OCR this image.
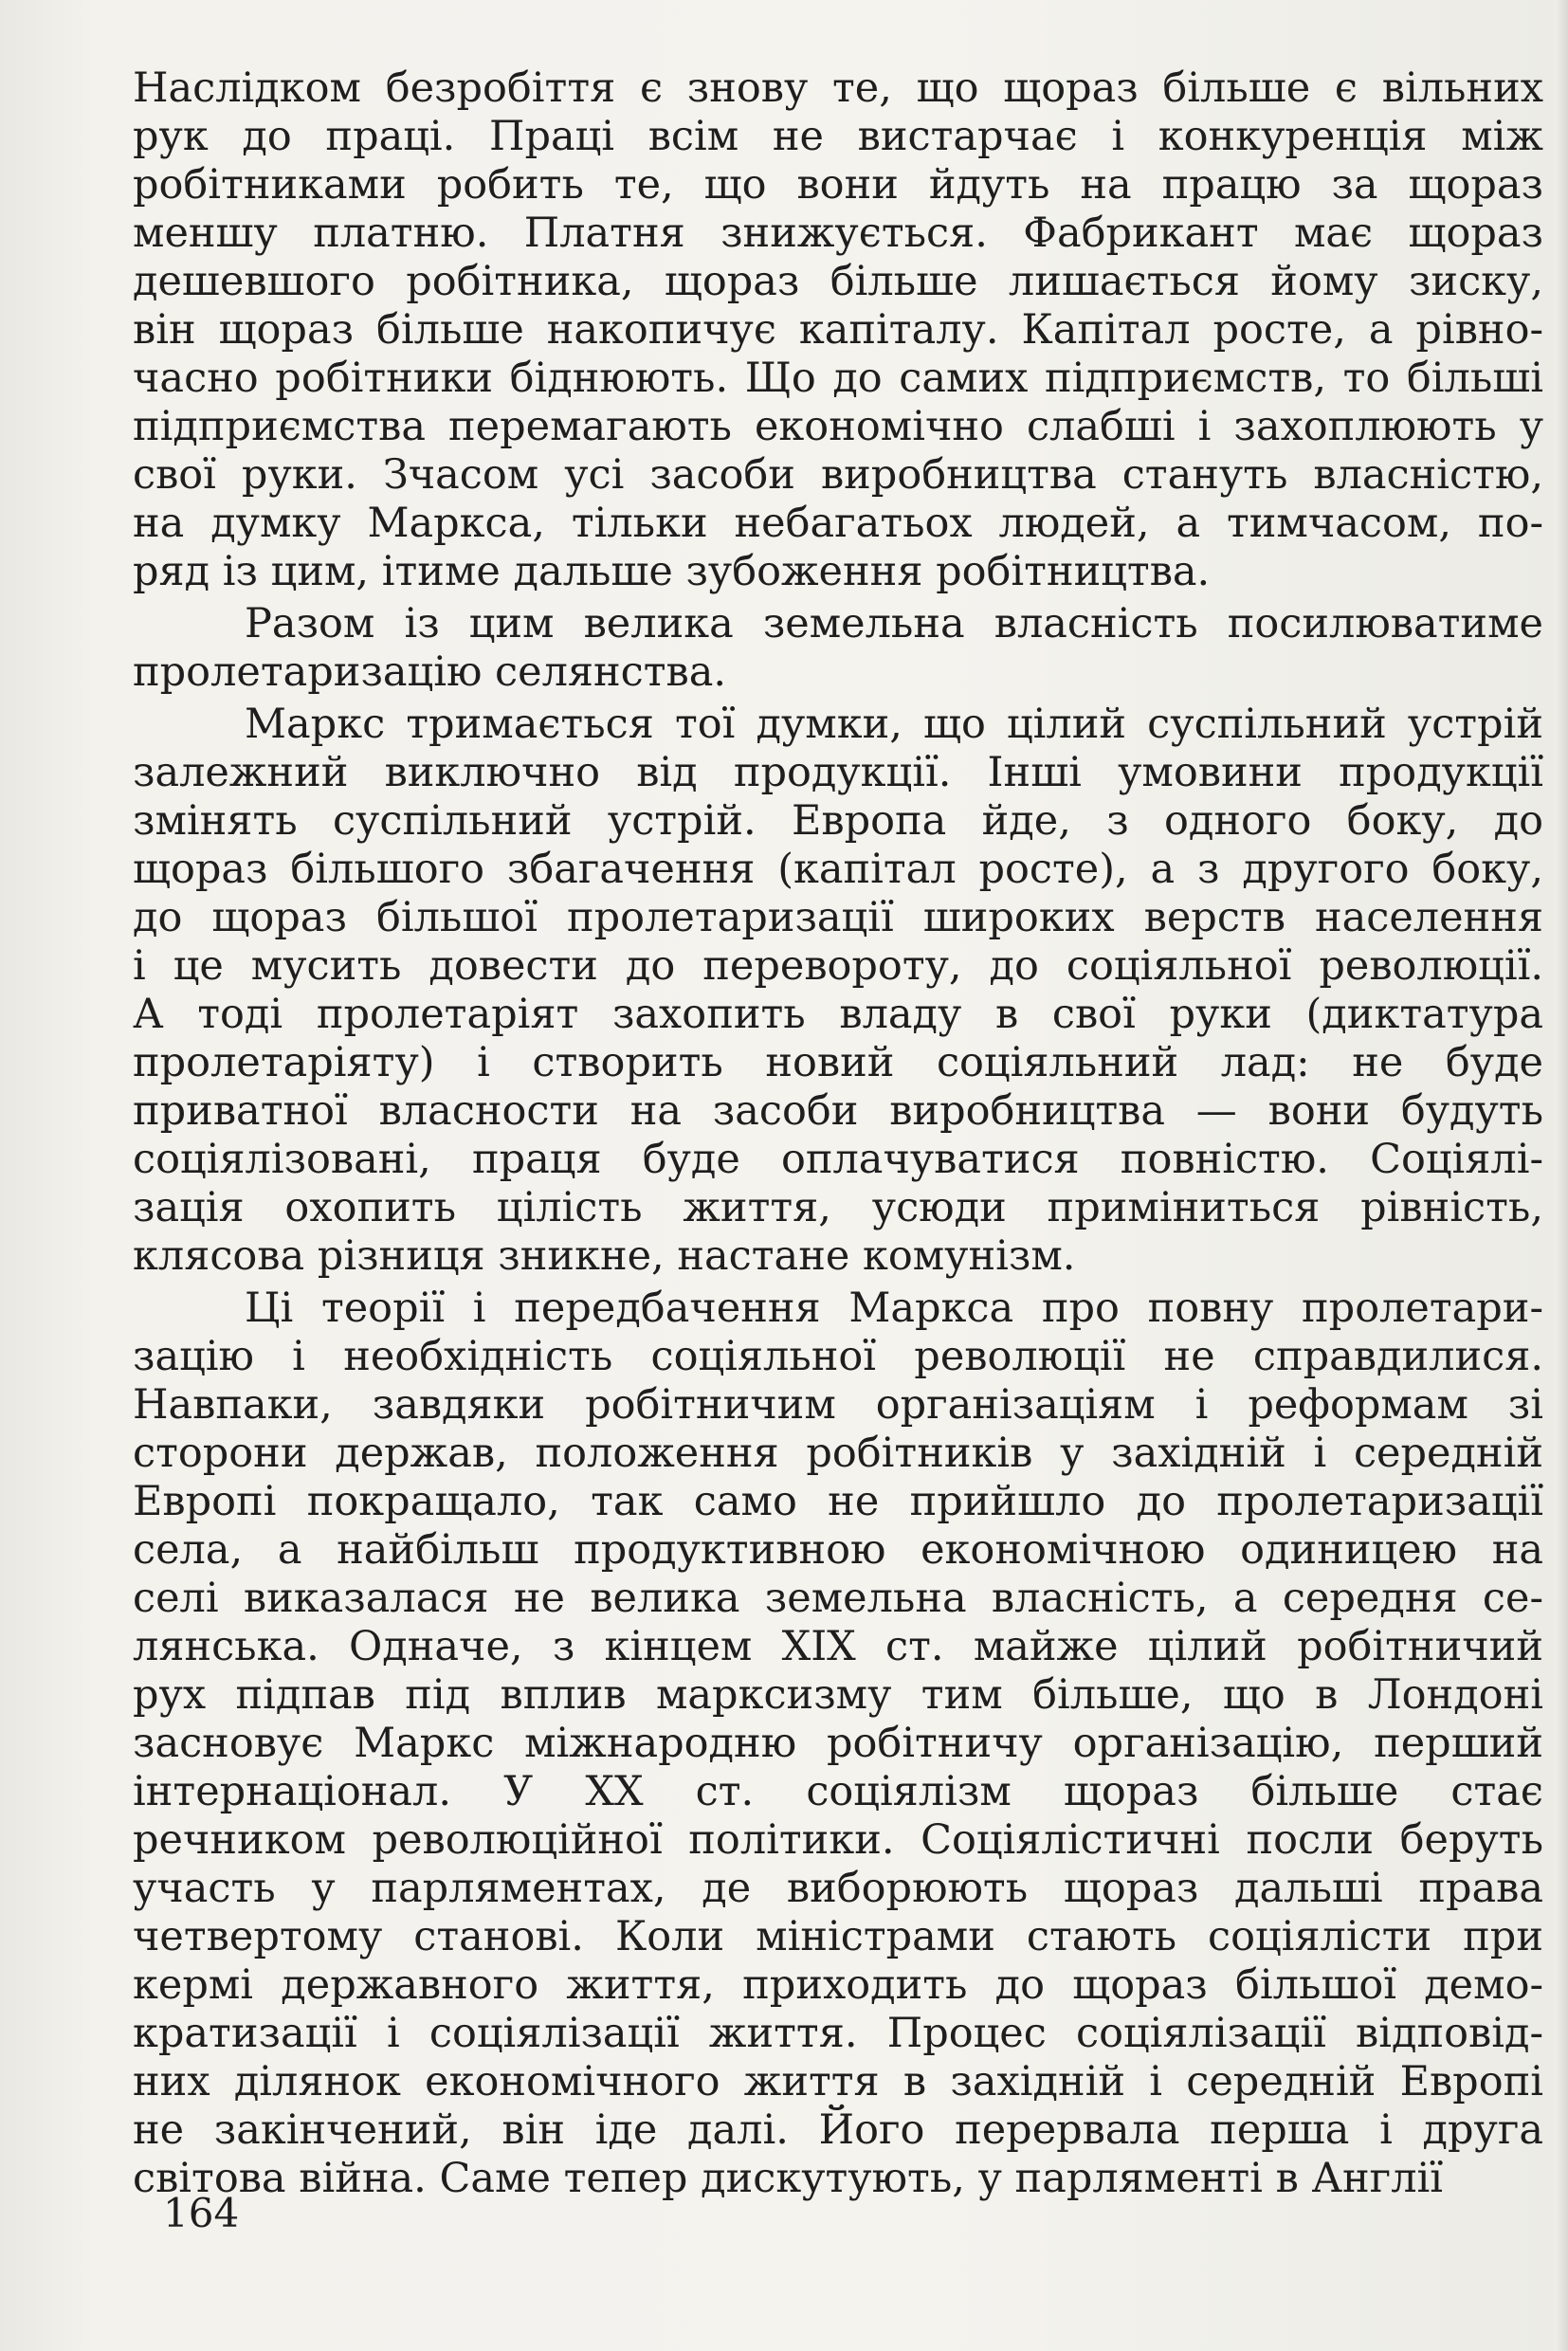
Наслідком безробіття є знову те, що щораз більше є вільних
рук до праці. Праці всім не вистарчає і конкуренція між
робітниками робить те, що вони йдуть на працю за щораз
меншу платню. Платня знижується. Фабрикант має щораз
дешевшого робітника, щораз більше лишається йому зиску,
він щораз більше накопичує капіталу. Капітал росте, а рівно-
часно робітники біднюють. Що до самих підприємств, то більші
підприємства перемагають економічно слабші і захоплюють у
свої руки. Зчасом усі засоби виробництва стануть власністю,
на думку Маркса, тільки небагатьох людей, а тимчасом, по-
ряд із цим, ітиме дальше зубоження робітництва.
Разом із цим велика земельна власність посилюватиме
пролетаризацію селянства.
Маркс тримається тої думки, що цілий суспільний устрій
залежний виключно від продукції. Інші умовини продукції
змінять суспільний устрій. Европа йде, з одного боку, до
щораз більшого збагачення (капітал росте), а з другого боку,
до щораз більшої пролетаризації широких верств населення
і це мусить довести до перевороту, до соціяльної революції.
А тоді пролетаріят захопить владу в свої руки (диктатура
пролетаріяту) і створить новий соціяльний лад: не буде
приватної власности на засоби виробництва — вони будуть
соціялізовані, праця буде оплачуватися повністю. Соціялі-
зація охопить цілість життя, усюди приміниться рівність,
клясова різниця зникне, настане комунізм.
Ці теорії і передбачення Маркса про повну пролетари-
зацію і необхідність соціяльної революції не справдилися.
Навпаки, завдяки робітничим організаціям і реформам зі
сторони держав, положення робітників у західній і середній
Европі покращало, так само не прийшло до пролетаризації
села, а найбільш продуктивною економічною одиницею на
селі виказалася не велика земельна власність, а середня се-
лянська. Одначе, з кінцем XIX ст. майже цілий робітничий
рух підпав під вплив марксизму тим більше, що в Лондоні
засновує Маркс міжнародню робітничу організацію, перший
інтернаціонал. У XX ст. соціялізм щораз більше стає
речником революційної політики. Соціялістичні посли беруть
участь у парляментах, де виборюють щораз дальші права
четвертому станові. Коли міністрами стають соціялісти при
кермі державного життя, приходить до щораз більшої демо-
кратизації і соціялізації життя. Процес соціялізації відповід-
них ділянок економічного життя в західній і середній Европі
не закінчений, він іде далі. Його перервала перша і друга
світова війна. Саме тепер дискутують, у парляменті в Англії
164
